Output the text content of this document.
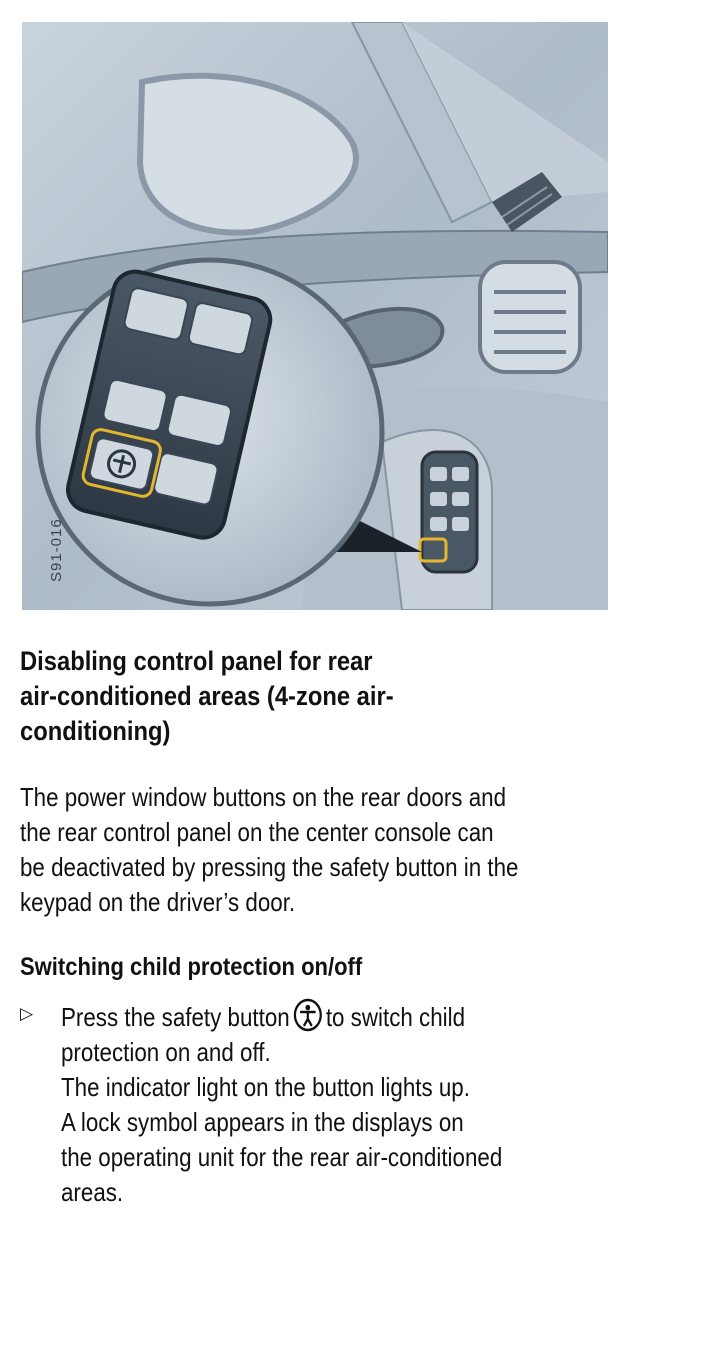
S91-016
Disabling control panel for rear
air-conditioned areas (4-zone air-
conditioning)
The power window buttons on the rear doors and
the rear control panel on the center console can
be deactivated by pressing the safety button in the
keypad on the driver’s door.
Switching child protection on/off
▷ Press the safety button to switch child
protection on and off.
The indicator light on the button lights up.
A lock symbol appears in the displays on
the operating unit for the rear air-conditioned
areas.
